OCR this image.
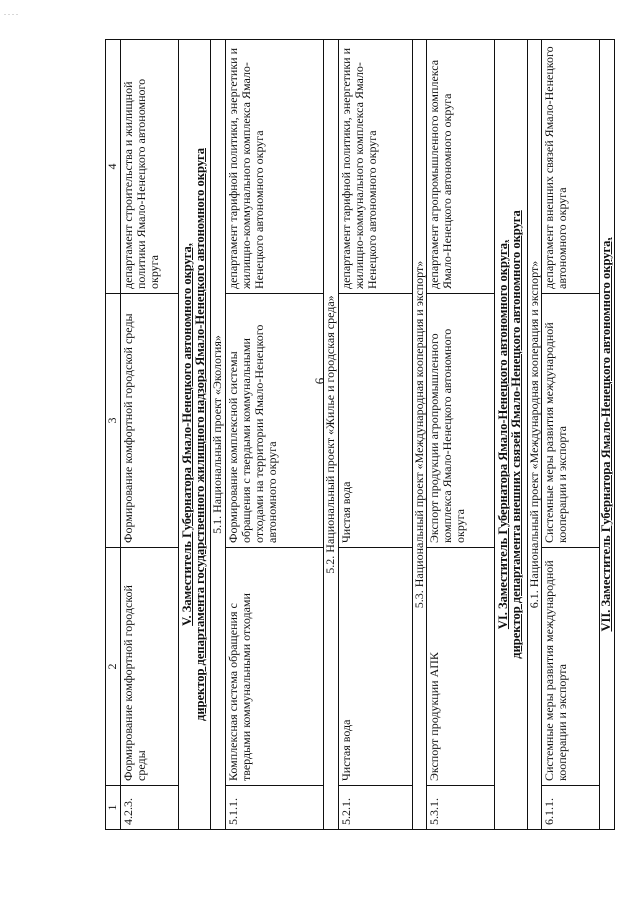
. . . .
6
1	2	3	4
4.2.3.	Формирование комфортной городской среды	Формирование комфортной городской среды	департамент строительства и жилищной политики Ямало-Ненецкого автономного округа

V. Заместитель Губернатора Ямало-Ненецкого автономного округа, директор департамента государственного жилищного надзора Ямало-Ненецкого автономного округа			

5.1. Национальный проект «Экология»			
5.1.1.	Комплексная система обращения с твердыми коммунальными отходами	Формирование комплексной системы обращения с твердыми коммунальными отходами на территории Ямало-Ненецкого автономного округа	департамент тарифной политики, энергетики и жилищно-коммунального комплекса Ямало-Ненецкого автономного округа
5.2. Национальный проект «Жилье и городская среда»			
5.2.1.	Чистая вода	Чистая вода	департамент тарифной политики, энергетики и жилищно-коммунального комплекса Ямало-Ненецкого автономного округа
5.3. Национальный проект «Международная кооперация и экспорт»			
5.3.1.	Экспорт продукции АПК	Экспорт продукции агропромышленного комплекса Ямало-Ненецкого автономного округа	департамент агропромышленного комплекса Ямало-Ненецкого автономного округа

VI. Заместитель Губернатора Ямало-Ненецкого автономного округа, директор департамента внешних связей Ямало-Ненецкого автономного округа			

6.1. Национальный проект «Международная кооперация и экспорт»			
6.1.1.	Системные меры развития международной кооперации и экспорта	Системные меры развития международной кооперации и экспорта	департамент внешних связей Ямало-Ненецкого автономного округа
VII. Заместитель Губернатора Ямало-Ненецкого автономного округа,			
